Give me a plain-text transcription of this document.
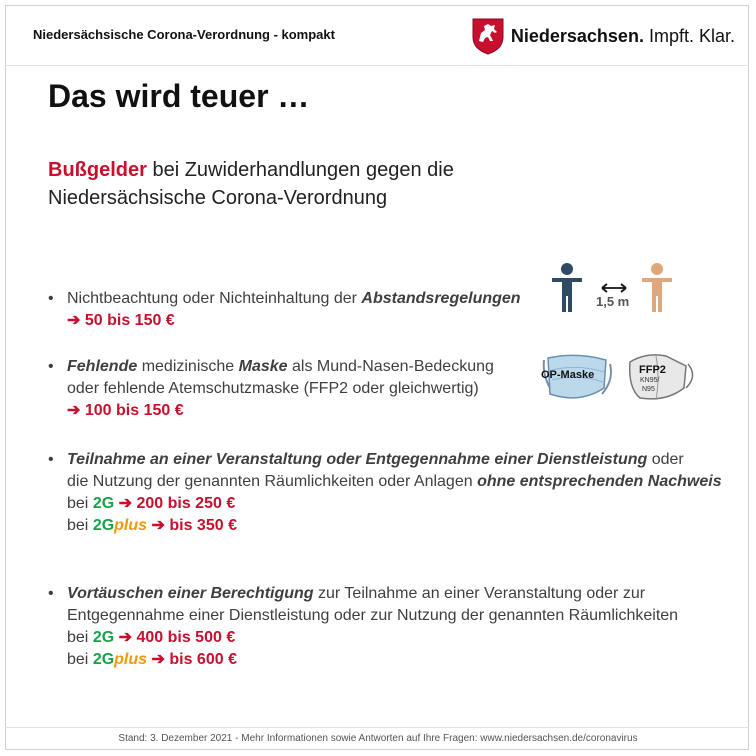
Niedersächsische Corona-Verordnung - kompakt	Niedersachsen. Impft. Klar.
Das wird teuer …
Bußgelder bei Zuwiderhandlungen gegen die
Niedersächsische Corona-Verordnung
1,5 m
OP-Maske	FFP2
KN95/
N95
• Nichtbeachtung oder Nichteinhaltung der Abstandsregelungen
➔ 50 bis 150 €
• Fehlende medizinische Maske als Mund-Nasen-Bedeckung
oder fehlende Atemschutzmaske (FFP2 oder gleichwertig)
➔ 100 bis 150 €
• Teilnahme an einer Veranstaltung oder Entgegennahme einer Dienstleistung oder
die Nutzung der genannten Räumlichkeiten oder Anlagen ohne entsprechenden Nachweis
bei 2G ➔ 200 bis 250 €
bei 2Gplus ➔ bis 350 €
• Vortäuschen einer Berechtigung zur Teilnahme an einer Veranstaltung oder zur
Entgegennahme einer Dienstleistung oder zur Nutzung der genannten Räumlichkeiten
bei 2G ➔ 400 bis 500 €
bei 2Gplus ➔ bis 600 €
Stand: 3. Dezember 2021 - Mehr Informationen sowie Antworten auf Ihre Fragen: www.niedersachsen.de/coronavirus
